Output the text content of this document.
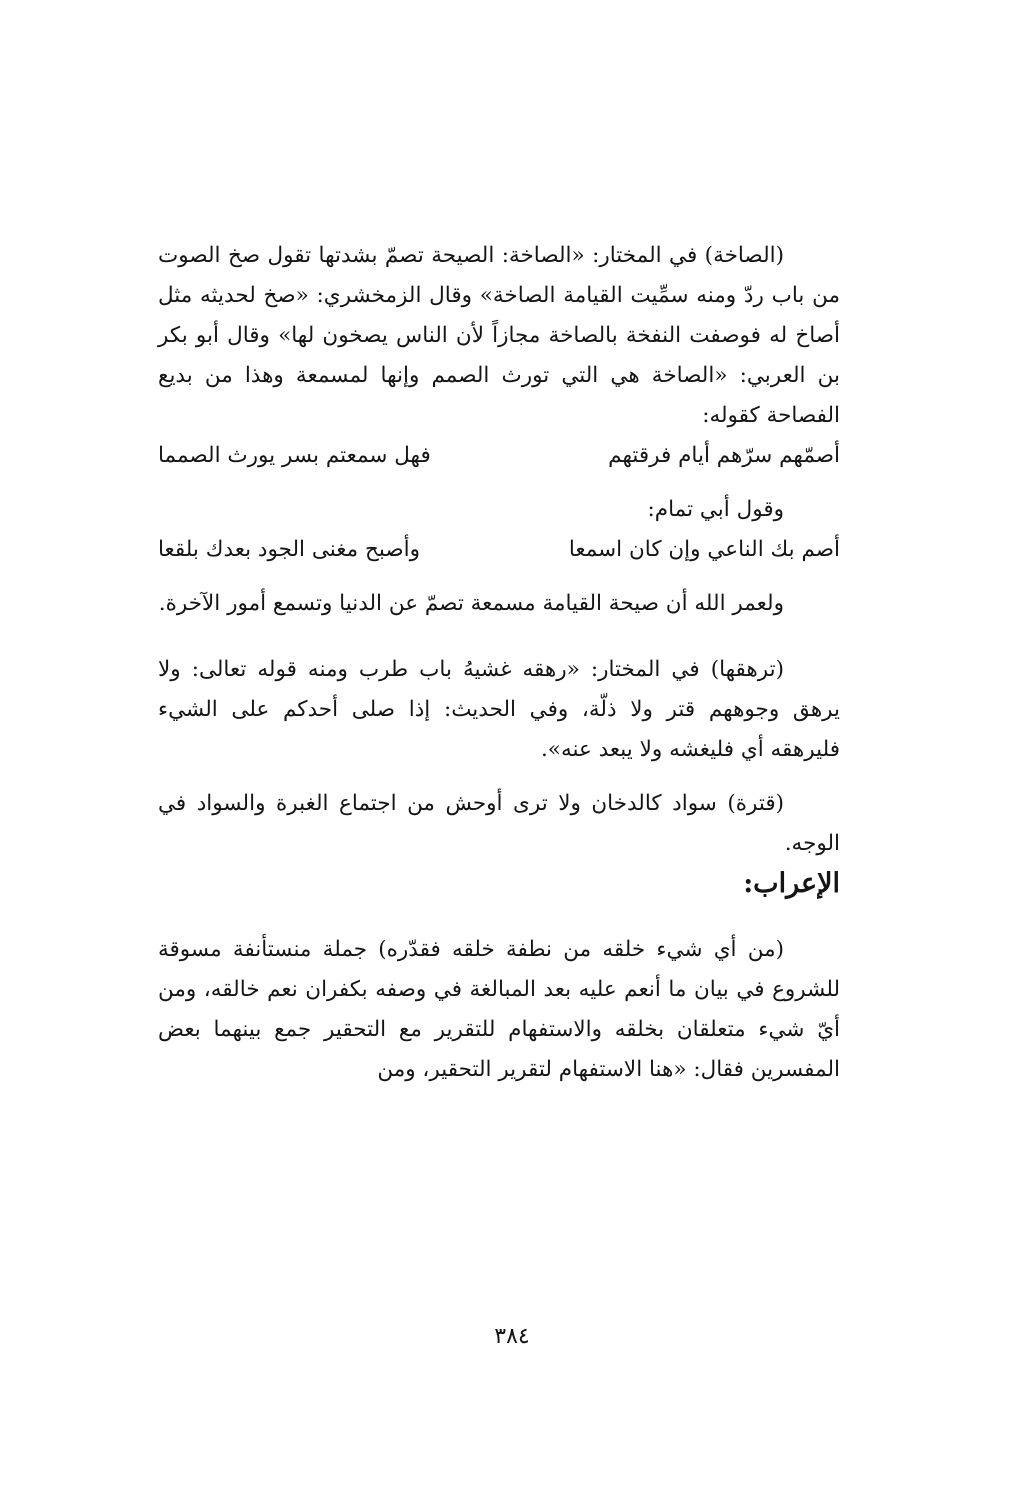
(الصاخة) في المختار: «الصاخة: الصيحة تصمّ بشدتها تقول صخ الصوت من باب ردّ ومنه سمِّيت القيامة الصاخة» وقال الزمخشري: «صخ لحديثه مثل أصاخ له فوصفت النفخة بالصاخة مجازاً لأن الناس يصخون لها» وقال أبو بكر بن العربي: «الصاخة هي التي تورث الصمم وإنها لمسمعة وهذا من بديع الفصاحة كقوله:

أصمّهم سرّهم أيام فرقتهم
فهل سمعتم بسر يورث الصمما

وقول أبي تمام:

أصم بك الناعي وإن كان اسمعا
وأصبح مغنى الجود بعدك بلقعا

ولعمر الله أن صيحة القيامة مسمعة تصمّ عن الدنيا وتسمع أمور الآخرة.

(ترهقها) في المختار: «رهقه غشيهُ باب طرب ومنه قوله تعالى: ولا يرهق وجوههم قتر ولا ذلّة، وفي الحديث: إذا صلى أحدكم على الشيء فليرهقه أي فليغشه ولا يبعد عنه».

(قترة) سواد كالدخان ولا ترى أوحش من اجتماع الغبرة والسواد في الوجه.

الإعراب:

(من أي شيء خلقه من نطفة خلقه فقدّره) جملة منستأنفة مسوقة للشروع في بيان ما أنعم عليه بعد المبالغة في وصفه بكفران نعم خالقه، ومن أيّ شيء متعلقان بخلقه والاستفهام للتقرير مع التحقير جمع بينهما بعض المفسرين فقال: «هنا الاستفهام لتقرير التحقير، ومن

٣٨٤
